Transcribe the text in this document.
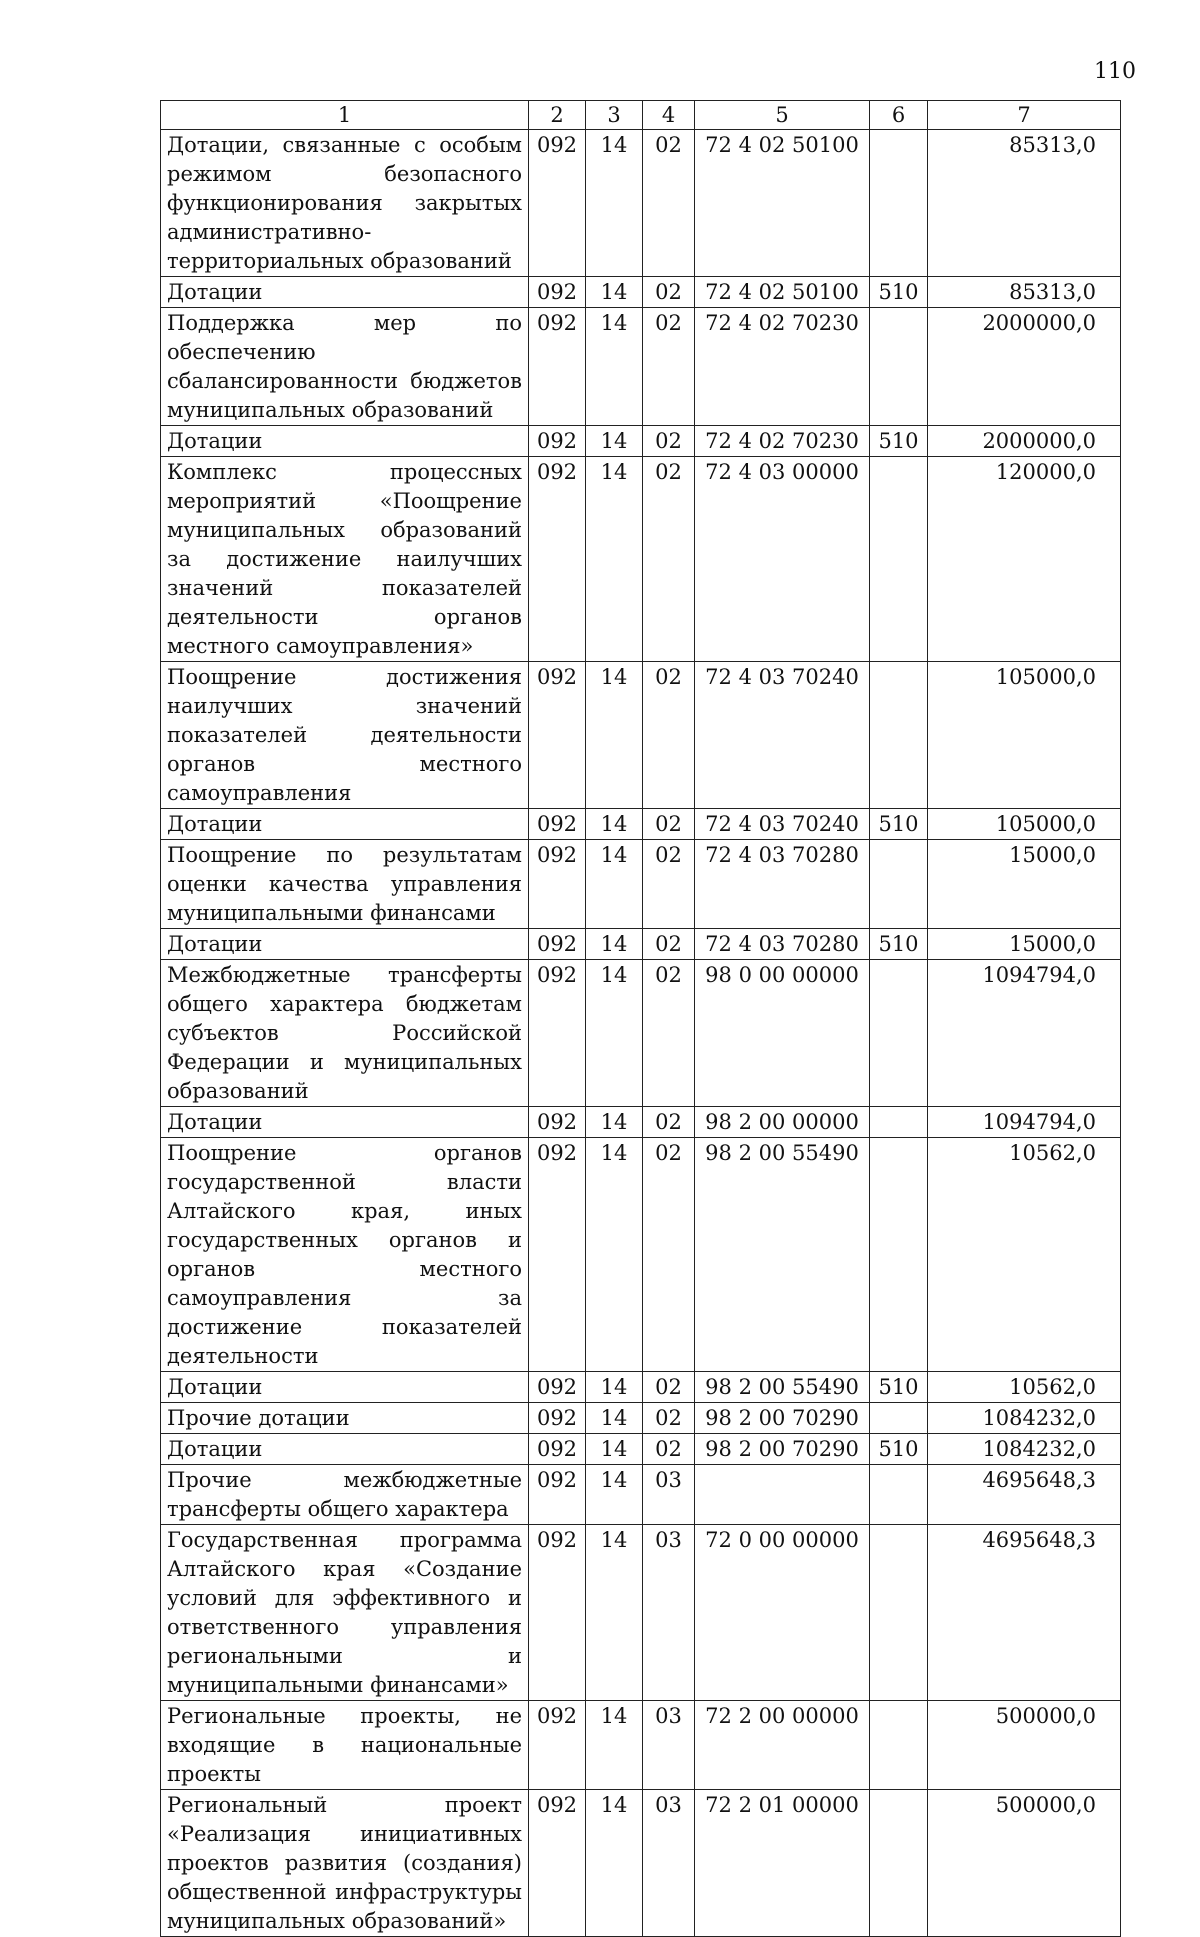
110
1	2	3	4	5	6	7
Дотации, связанные с особым режимом безопасного функционирования закрытых административно-территориальных образований	092	14	02	72 4 02 50100		85313,0
Дотации	092	14	02	72 4 02 50100	510	85313,0
Поддержка мер по обеспечению сбалансированности бюджетов муниципальных образований	092	14	02	72 4 02 70230		2000000,0
Дотации	092	14	02	72 4 02 70230	510	2000000,0
Комплекс процессных мероприятий «Поощрение муниципальных образований за достижение наилучших значений показателей деятельности органов местного самоуправления»	092	14	02	72 4 03 00000		120000,0
Поощрение достижения наилучших значений показателей деятельности органов местного самоуправления	092	14	02	72 4 03 70240		105000,0
Дотации	092	14	02	72 4 03 70240	510	105000,0
Поощрение по результатам оценки качества управления муниципальными финансами	092	14	02	72 4 03 70280		15000,0
Дотации	092	14	02	72 4 03 70280	510	15000,0
Межбюджетные трансферты общего характера бюджетам субъектов Российской Федерации и муниципальных образований	092	14	02	98 0 00 00000		1094794,0
Дотации	092	14	02	98 2 00 00000		1094794,0
Поощрение органов государственной власти Алтайского края, иных государственных органов и органов местного самоуправления за достижение показателей деятельности	092	14	02	98 2 00 55490		10562,0
Дотации	092	14	02	98 2 00 55490	510	10562,0
Прочие дотации	092	14	02	98 2 00 70290		1084232,0
Дотации	092	14	02	98 2 00 70290	510	1084232,0
Прочие межбюджетные трансферты общего характера	092	14	03			4695648,3
Государственная программа Алтайского края «Создание условий для эффективного и ответственного управления региональными и муниципальными финансами»	092	14	03	72 0 00 00000		4695648,3
Региональные проекты, не входящие в национальные проекты	092	14	03	72 2 00 00000		500000,0
Региональный проект «Реализация инициативных проектов развития (создания) общественной инфраструктуры муниципальных образований»	092	14	03	72 2 01 00000		500000,0
